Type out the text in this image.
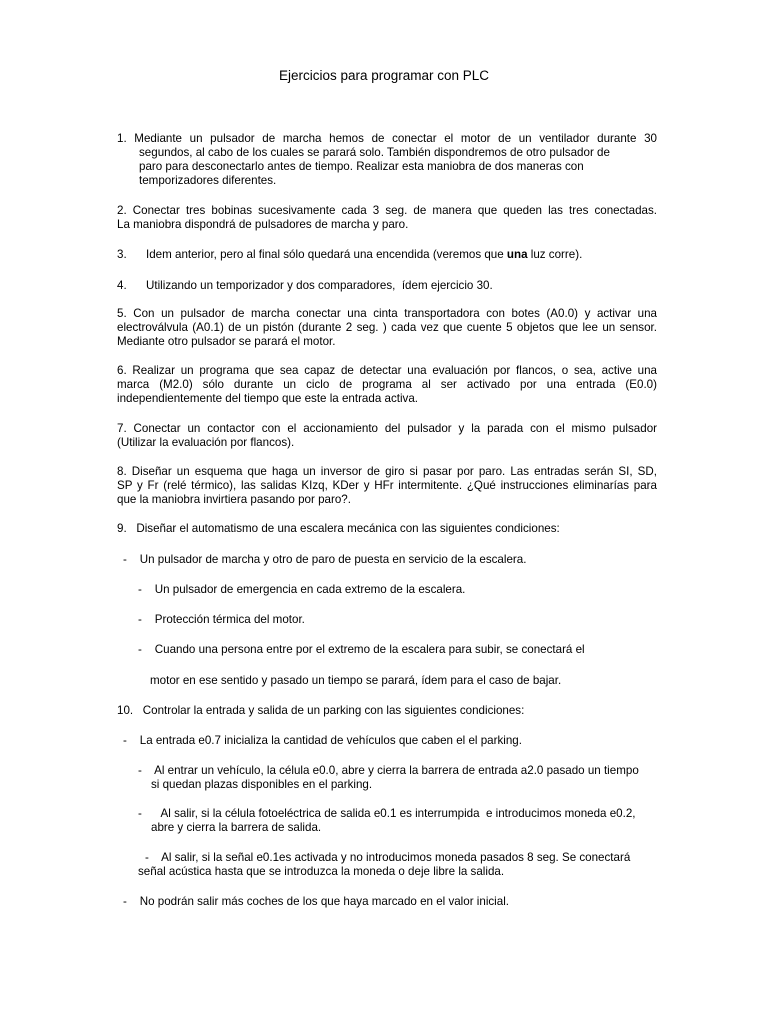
Ejercicios para programar con PLC
1. Mediante un pulsador de marcha hemos de conectar el motor de un ventilador durante 30
segundos, al cabo de los cuales se parará solo. También dispondremos de otro pulsador de paro para desconectarlo antes de tiempo. Realizar esta maniobra de dos maneras con temporizadores diferentes.
2. Conectar tres bobinas sucesivamente cada 3 seg. de manera que queden las tres conectadas.
La maniobra dispondrá de pulsadores de marcha y paro.
3.      Idem anterior, pero al final sólo quedará una encendida (veremos que una luz corre).
4.      Utilizando un temporizador y dos comparadores,  ídem ejercicio 30.
5. Con un pulsador de marcha conectar una cinta transportadora con botes (A0.0) y activar una
electroválvula (A0.1) de un pistón (durante 2 seg. ) cada vez que cuente 5 objetos que lee un sensor.
Mediante otro pulsador se parará el motor.
6. Realizar un programa que sea capaz de detectar una evaluación por flancos, o sea, active una
marca (M2.0) sólo durante un ciclo de programa al ser activado por una entrada (E0.0)
independientemente del tiempo que este la entrada activa.
7. Conectar un contactor con el accionamiento del pulsador y la parada con el mismo pulsador
(Utilizar la evaluación por flancos).
8. Diseñar un esquema que haga un inversor de giro si pasar por paro. Las entradas serán SI, SD,
SP y Fr (relé térmico), las salidas KIzq, KDer y HFr intermitente. ¿Qué instrucciones eliminarías para
que la maniobra invirtiera pasando por paro?.
9.   Diseñar el automatismo de una escalera mecánica con las siguientes condiciones:
-    Un pulsador de marcha y otro de paro de puesta en servicio de la escalera.
-    Un pulsador de emergencia en cada extremo de la escalera.
-    Protección térmica del motor.
-    Cuando una persona entre por el extremo de la escalera para subir, se conectará el
motor en ese sentido y pasado un tiempo se parará, ídem para el caso de bajar.
10.   Controlar la entrada y salida de un parking con las siguientes condiciones:
-    La entrada e0.7 inicializa la cantidad de vehículos que caben el el parking.
-    Al entrar un vehículo, la célula e0.0, abre y cierra la barrera de entrada a2.0 pasado un tiempo
si quedan plazas disponibles en el parking.
-      Al salir, si la célula fotoeléctrica de salida e0.1 es interrumpida  e introducimos moneda e0.2,
abre y cierra la barrera de salida.
-    Al salir, si la señal e0.1es activada y no introducimos moneda pasados 8 seg. Se conectará
señal acústica hasta que se introduzca la moneda o deje libre la salida.
-    No podrán salir más coches de los que haya marcado en el valor inicial.
